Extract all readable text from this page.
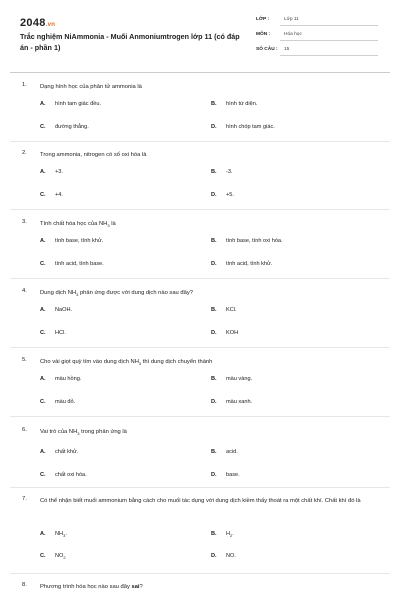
2048.vn
Trắc nghiệm NiAmmonia - Muối Anmoniumtrogen lớp 11 (có đáp án - phần 1)
LỚP :	Lớp 11
MÔN :	Hóa học
SỐ CÂU : 15
1. Dạng hình học của phân tử ammonia là
A. hình tam giác đều.	B. hình tứ diện.
C. đường thẳng.	D. hình chóp tam giác.
2. Trong ammonia, nitrogen có số oxi hóa là
A. +3.	B. -3.
C. +4.	D. +5.
3. Tính chất hóa học của $NH_3$ là
A. tính base, tính khử.	B. tính base, tính oxi hóa.
C. tính acid, tính base.	D. tính acid, tính khử.
4. Dung dịch $NH_3$ phản ứng được với dung dịch nào sau đây?
A. NaOH.	B. KCl.
C. HCl.	D. KOH
5. Cho vài giọt quỳ tím vào dung dịch $NH_3$ thì dung dịch chuyển thành
A. màu hồng.	B. màu vàng.
C. màu đỏ.	D. màu xanh.
6. Vai trò của $NH_3$ trong phản ứng là
A. chất khử.	B. acid.
C. chất oxi hóa.	D. base.
7. Có thể nhận biết muối ammonium bằng cách cho muối tác dụng với dung dịch kiềm thấy thoát ra một chất khí. Chất khí đó là
A. $NH_3$.	B. $H_2$.
C. $NO_2$	D. NO.
8. Phương trình hóa học nào sau đây sai?
